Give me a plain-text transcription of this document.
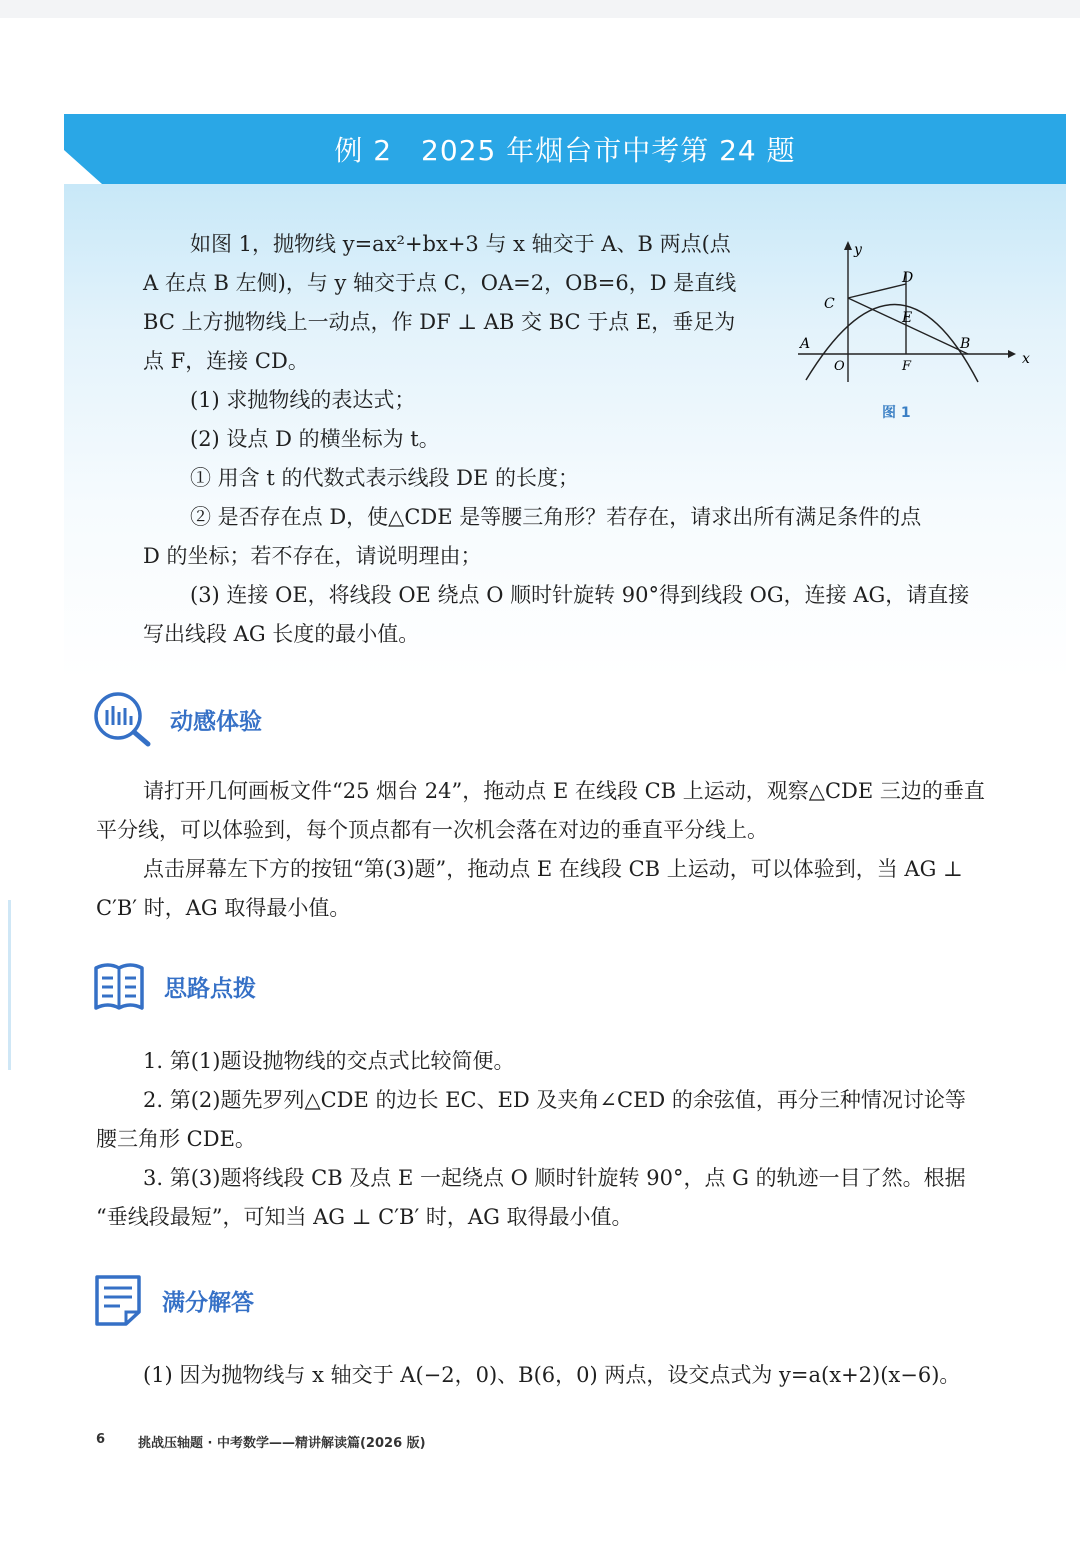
例 2　2025 年烟台市中考第 24 题
如图 1，抛物线 y=ax²+bx+3 与 x 轴交于 A、B 两点(点
A 在点 B 左侧)，与 y 轴交于点 C，OA=2，OB=6，D 是直线
BC 上方抛物线上一动点，作 DF ⊥ AB 交 BC 于点 E，垂足为
点 F，连接 CD。
(1) 求抛物线的表达式；
(2) 设点 D 的横坐标为 t。
① 用含 t 的代数式表示线段 DE 的长度；
② 是否存在点 D，使△CDE 是等腰三角形？若存在，请求出所有满足条件的点
D 的坐标；若不存在，请说明理由；
(3) 连接 OE，将线段 OE 绕点 O 顺时针旋转 90°得到线段 OG，连接 AG，请直接
写出线段 AG 长度的最小值。
y
x
A
O	F
B
C
D
E
图 1
动感体验
请打开几何画板文件“25 烟台 24”，拖动点 E 在线段 CB 上运动，观察△CDE 三边的垂直
平分线，可以体验到，每个顶点都有一次机会落在对边的垂直平分线上。
点击屏幕左下方的按钮“第(3)题”，拖动点 E 在线段 CB 上运动，可以体验到，当 AG ⊥
C′B′ 时，AG 取得最小值。
思路点拨
1. 第(1)题设抛物线的交点式比较简便。
2. 第(2)题先罗列△CDE 的边长 EC、ED 及夹角∠CED 的余弦值，再分三种情况讨论等
腰三角形 CDE。
3. 第(3)题将线段 CB 及点 E 一起绕点 O 顺时针旋转 90°，点 G 的轨迹一目了然。根据
“垂线段最短”，可知当 AG ⊥ C′B′ 时，AG 取得最小值。
满分解答
(1) 因为抛物线与 x 轴交于 A(−2，0)、B(6，0) 两点，设交点式为 y=a(x+2)(x−6)。
6	挑战压轴题 · 中考数学——精讲解读篇(2026 版)
